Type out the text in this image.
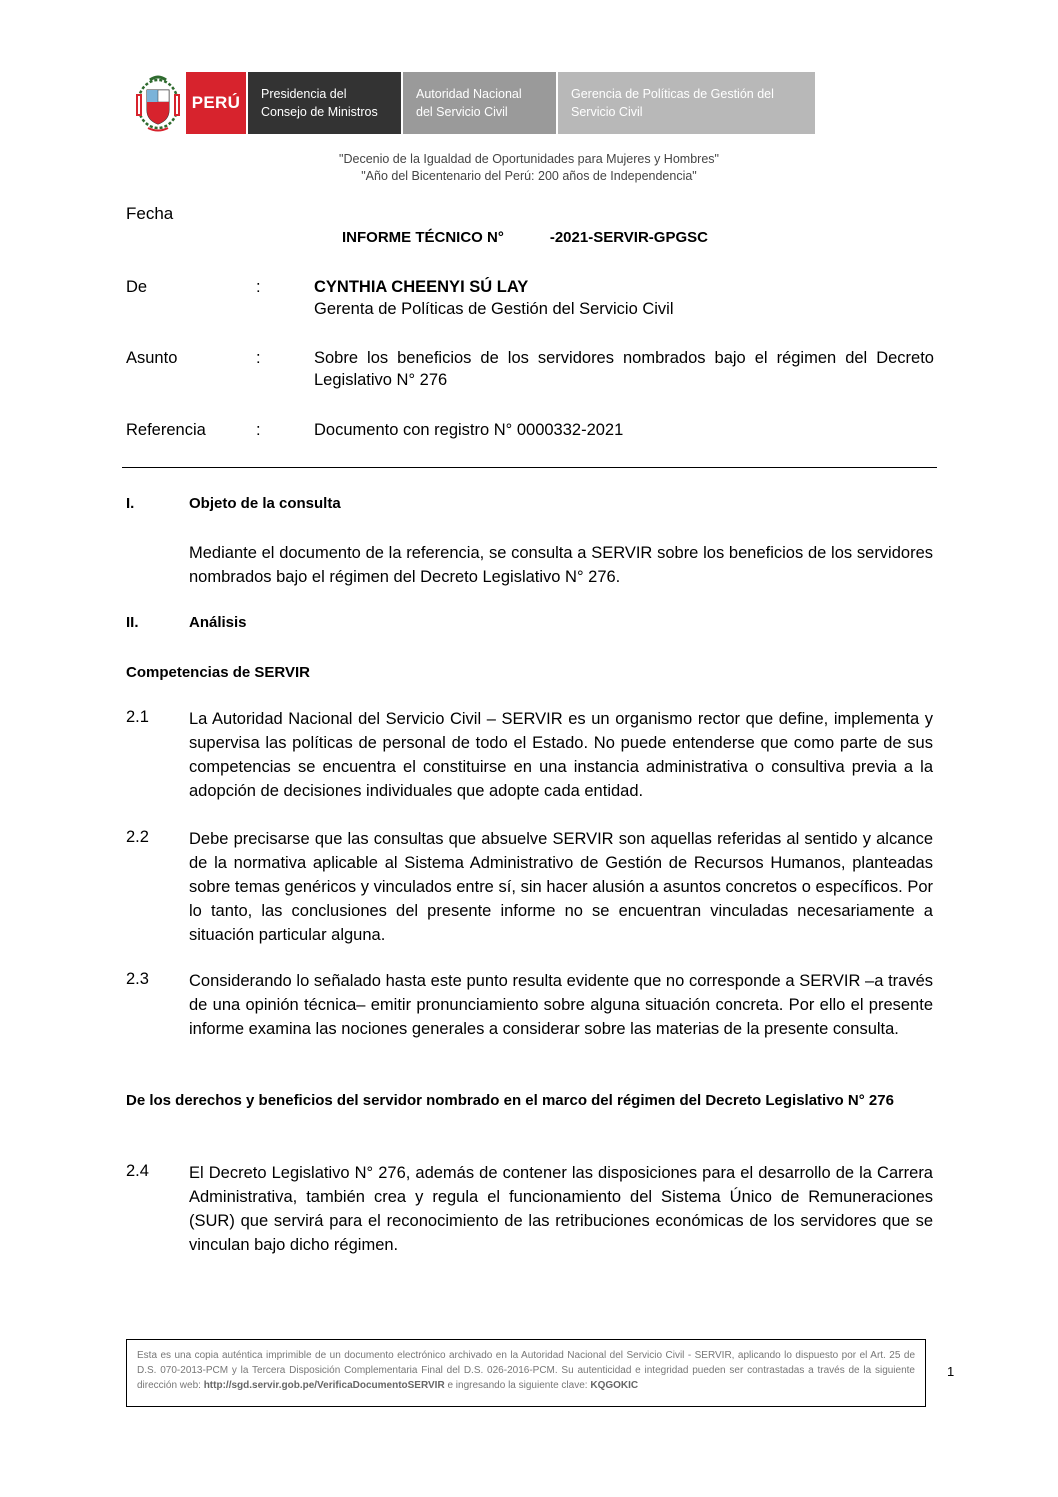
PERÚ	Presidencia del
Consejo de Ministros
Autoridad Nacional
del Servicio Civil
Gerencia de Políticas de Gestión del
Servicio Civil
"Decenio de la Igualdad de Oportunidades para Mujeres y Hombres"
"Año del Bicentenario del Perú: 200 años de Independencia"
Fecha
INFORME TÉCNICO N°	-2021-SERVIR-GPGSC
De	:	CYNTHIA CHEENYI SÚ LAY
Gerenta de Políticas de Gestión del Servicio Civil
Asunto	:	Sobre los beneficios de los servidores nombrados bajo el régimen del Decreto Legislativo N° 276
Referencia	:	Documento con registro N° 0000332-2021
I.	Objeto de la consulta
Mediante el documento de la referencia, se consulta a SERVIR sobre los beneficios de los servidores nombrados bajo el régimen del Decreto Legislativo N° 276.
II.	Análisis
Competencias de SERVIR
2.1 La Autoridad Nacional del Servicio Civil – SERVIR es un organismo rector que define, implementa y supervisa las políticas de personal de todo el Estado. No puede entenderse que como parte de sus competencias se encuentra el constituirse en una instancia administrativa o consultiva previa a la adopción de decisiones individuales que adopte cada entidad.
2.2 Debe precisarse que las consultas que absuelve SERVIR son aquellas referidas al sentido y alcance de la normativa aplicable al Sistema Administrativo de Gestión de Recursos Humanos, planteadas sobre temas genéricos y vinculados entre sí, sin hacer alusión a asuntos concretos o específicos. Por lo tanto, las conclusiones del presente informe no se encuentran vinculadas necesariamente a situación particular alguna.
2.3 Considerando lo señalado hasta este punto resulta evidente que no corresponde a SERVIR –a través de una opinión técnica– emitir pronunciamiento sobre alguna situación concreta. Por ello el presente informe examina las nociones generales a considerar sobre las materias de la presente consulta.
De los derechos y beneficios del servidor nombrado en el marco del régimen del Decreto Legislativo N° 276
2.4 El Decreto Legislativo N° 276, además de contener las disposiciones para el desarrollo de la Carrera Administrativa, también crea y regula el funcionamiento del Sistema Único de Remuneraciones (SUR) que servirá para el reconocimiento de las retribuciones económicas de los servidores que se vinculan bajo dicho régimen.
Esta es una copia auténtica imprimible de un documento electrónico archivado en la Autoridad Nacional del Servicio Civil - SERVIR, aplicando lo dispuesto por el Art. 25 de D.S. 070-2013-PCM y la Tercera Disposición Complementaria Final del D.S. 026-2016-PCM. Su autenticidad e integridad pueden ser contrastadas a través de la siguiente dirección web: http://sgd.servir.gob.pe/VerificaDocumentoSERVIR e ingresando la siguiente clave: KQGOKIC
1
